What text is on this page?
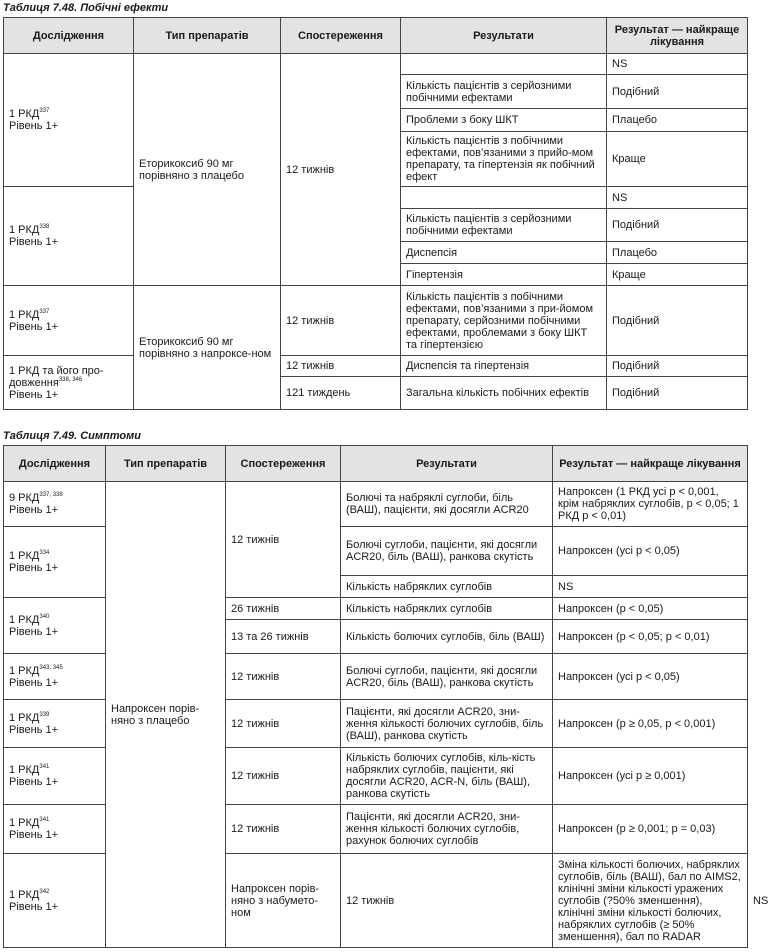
Таблиця 7.48. Побічні ефекти
Дослідження	Тип препаратів	Спостереження	Результати	Результат — найкраще лікування
1 РКД$^{337}$
Рівень 1+	Еторикоксиб 90 мг порівняно з плацебо	12 тижнів		NS
			Кількість пацієнтів з серйозними побічними ефектами	Подібний
			Проблеми з боку ШКТ	Плацебо
			Кількість пацієнтів з побічними ефектами, пов’язаними з прийо-мом препарату, та гіпертензія як побічний ефект	Краще
1 РКД$^{338}$
Рівень 1+				NS
			Кількість пацієнтів з серйозними побічними ефектами	Подібний
			Диспепсія	Плацебо
			Гіпертензія	Краще
1 РКД$^{337}$
Рівень 1+	Еторикоксиб 90 мг порівняно з напроксе-ном	12 тижнів	Кількість пацієнтів з побічними ефектами, пов’язаними з при-йомом препарату, серйозними побічними ефектами, проблемами з боку ШКТ та гіпертензією	Подібний
1 РКД та його про-довження$^{338, 346}$
Рівень 1+		12 тижнів	Диспепсія та гіпертензія	Подібний
		121 тиждень	Загальна кількість побічних ефектів	Подібний
Таблиця 7.49. Симптоми
Дослідження	Тип препаратів	Спостереження	Результати	Результат — найкраще лікування	
9 РКД$^{337, 338}$
Рівень 1+	Напроксен порів-няно з плацебо	12 тижнів	Болючі та набряклі суглоби, біль (ВАШ), пацієнти, які досягли ACR20	Напроксен (1 РКД усі p < 0,001, крім набряклих суглобів, p < 0,05; 1 РКД p < 0,01)	
1 РКД$^{334}$
Рівень 1+			Болючі суглоби, пацієнти, які досягли ACR20, біль (ВАШ), ранкова скутість	Напроксен (усі p < 0,05)	
			Кількість набряклих суглобів	NS	
1 РКД$^{340}$
Рівень 1+		26 тижнів	Кількість набряклих суглобів	Напроксен (p < 0,05)	
		13 та 26 тижнів	Кількість болючих суглобів, біль (ВАШ)	Напроксен (p < 0,05; p < 0,01)	
1 РКД$^{343, 345}$
Рівень 1+		12 тижнів	Болючі суглоби, пацієнти, які досягли ACR20, біль (ВАШ), ранкова скутість	Напроксен (усі p < 0,05)	
1 РКД$^{339}$
Рівень 1+		12 тижнів	Пацієнти, які досягли ACR20, зни-ження кількості болючих суглобів, біль (ВАШ), ранкова скутість	Напроксен (p ≥ 0,05, p < 0,001)	
1 РКД$^{341}$
Рівень 1+		12 тижнів	Кількість болючих суглобів, кіль-кість набряклих суглобів, пацієнти, які досягли ACR20, ACR-N, біль (ВАШ), ранкова скутість	Напроксен (усі p ≥ 0,001)	
1 РКД$^{341}$
Рівень 1+		12 тижнів	Пацієнти, які досягли ACR20, зни-ження кількості болючих суглобів, рахунок болючих суглобів	Напроксен (p ≥ 0,001; p = 0,03)	
1 РКД$^{342}$
Рівень 1+		Напроксен порів-няно з набумето-ном	12 тижнів	Зміна кількості болючих, набряклих суглобів, біль (ВАШ), бал по AIMS2, клінічні зміни кількості уражених суглобів (?50% зменшення), клінічні зміни кількості болючих, набряклих суглобів (≥ 50% зменшення), бал по RADAR	NS
